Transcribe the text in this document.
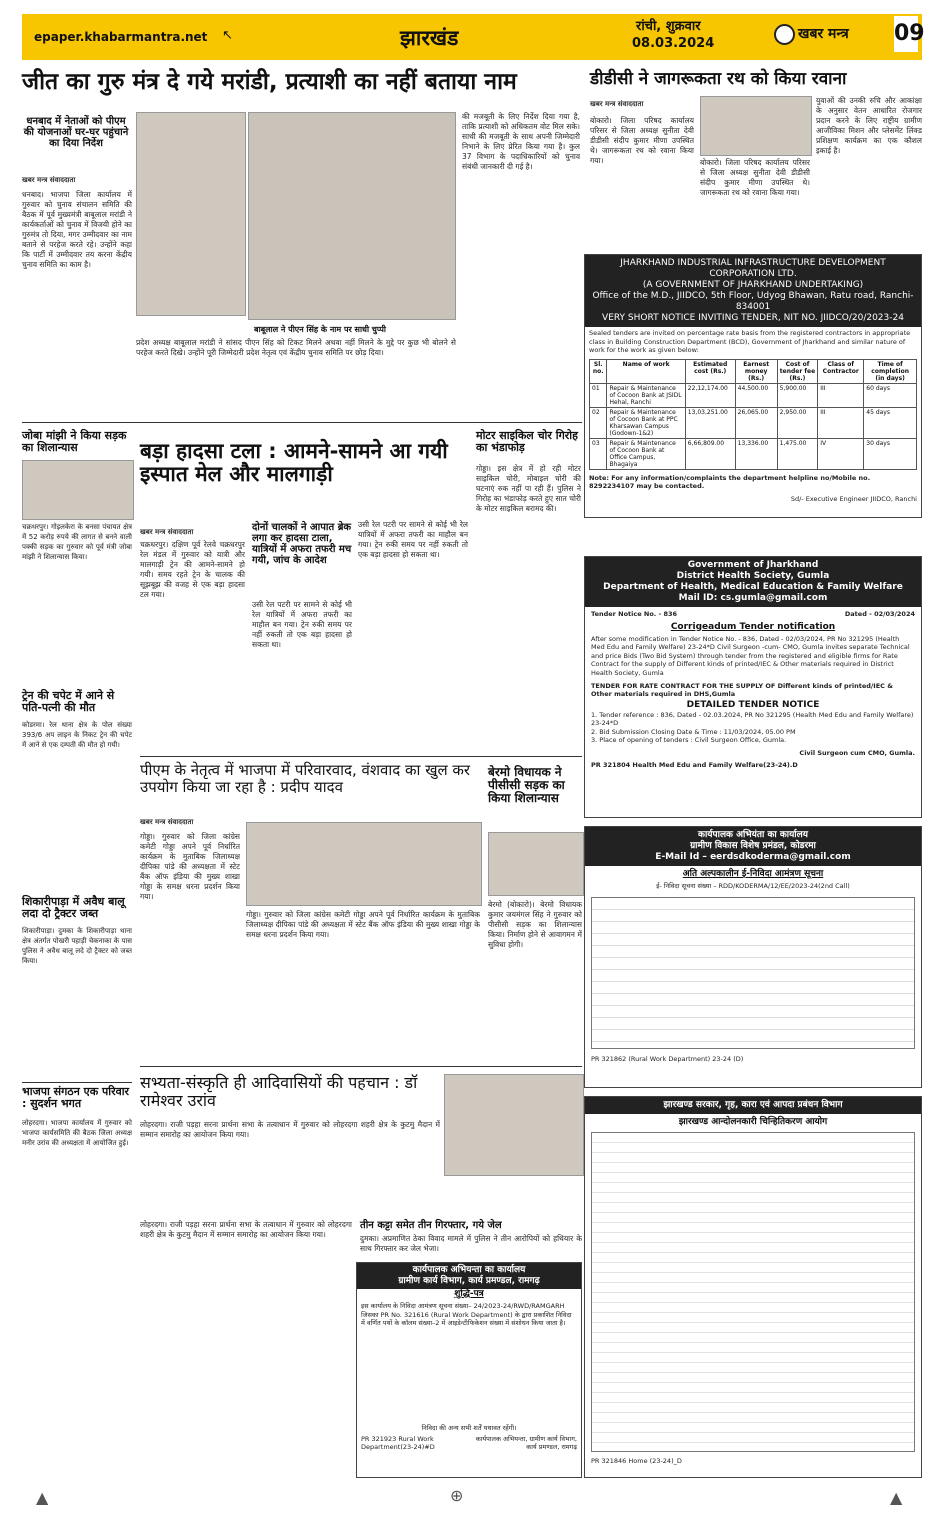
epaper.khabarmantra.net ↖	झारखंड	रांची, शुक्रवार
08.03.2024
खबर मन्त्र 09
जीत का गुरु मंत्र दे गये मरांडी, प्रत्याशी का नहीं बताया नाम
धनबाद में नेताओं को पीएम की योजनाओं घर-घर पहुंचाने का दिया निर्देश
खबर मन्त्र संवाददाता
धनबाद। भाजपा जिला कार्यालय में गुरुवार को चुनाव संचालन समिति की बैठक में पूर्व मुख्यमंत्री बाबूलाल मरांडी ने कार्यकर्ताओं को चुनाव में विजयी होने का गुरुमंत्र तो दिया, मगर उम्मीदवार का नाम बताने से परहेज करते रहे। उन्होंने कहा कि पार्टी में उम्मीदवार तय करना केंद्रीय चुनाव समिति का काम है।
की मजबूती के लिए निर्देश दिया गया है, ताकि प्रत्याशी को अधिकतम वोट मिल सके। साथी की मजबूती के साथ अपनी जिम्मेदारी निभाने के लिए प्रेरित किया गया है। कुल 37 विभाग के पदाधिकारियों को चुनाव संबंधी जानकारी दी गई है।
बाबूलाल ने पीएन सिंह के नाम पर साधी चुप्पी
प्रदेश अध्यक्ष बाबूलाल मरांडी ने सांसद पीएन सिंह को टिकट मिलने अथवा नहीं मिलने के मुद्दे पर कुछ भी बोलने से परहेज करते दिखे। उन्होंने पूरी जिम्मेदारी प्रदेश नेतृत्व एवं केंद्रीय चुनाव समिति पर छोड़ दिया।
जोबा मांझी ने किया सड़क का शिलान्यास
चक्रधरपुर। गोइलकेरा के बनसा पंचायत क्षेत्र में 52 करोड़ रुपये की लागत से बनने वाली पक्की सड़क का गुरुवार को पूर्व मंत्री जोबा मांझी ने शिलान्यास किया।
ट्रेन की चपेट में आने से पति-पत्नी की मौत
कोडरमा। रेल थाना क्षेत्र के पोल संख्या 393/6 अप लाइन के निकट ट्रेन की चपेट में आने से एक दम्पती की मौत हो गयी।
शिकारीपाड़ा में अवैध बालू लदा दो ट्रैक्टर जब्त
शिकारीपाड़ा। दुमका के शिकारीपाड़ा थाना क्षेत्र अंतर्गत पोखरी पहाड़ी चेकनाका के पास पुलिस ने अवैध बालू लदे दो ट्रैक्टर को जब्त किया।
भाजपा संगठन एक परिवार : सुदर्शन भगत
लोहरदगा। भाजपा कार्यालय में गुरुवार को भाजपा कार्यसमिति की बैठक जिला अध्यक्ष मनीर उरांव की अध्यक्षता में आयोजित हुई।
बड़ा हादसा टला : आमने-सामने आ गयी इस्पात मेल और मालगाड़ी
खबर मन्त्र संवाददाता
चक्रधरपुर। दक्षिण पूर्व रेलवे चक्रधरपुर रेल मंडल में गुरुवार को यात्री और मालगाड़ी ट्रेन की आमने-सामने हो गयी। समय रहते ट्रेन के चालक की सूझबूझ की वजह से एक बड़ा हादसा टल गया।
दोनों चालकों ने आपात ब्रेक लगा कर हादसा टाला, यात्रियों में अफरा तफरी मच गयी, जांच के आदेश
उसी रेल पटरी पर सामने से कोई भी रेल यात्रियों में अफरा तफरी का माहौल बन गया। ट्रेन रुकी समय पर नहीं रुकती तो एक बड़ा हादसा हो सकता था।
उसी रेल पटरी पर सामने से कोई भी रेल यात्रियों में अफरा तफरी का माहौल बन गया। ट्रेन रुकी समय पर नहीं रुकती तो एक बड़ा हादसा हो सकता था।
मोटर साइकिल चोर गिरोह का भंडाफोड़
गोड्डा। इस क्षेत्र में हो रही मोटर साइकिल चोरी, मोबाइल चोरी की घटनाएं रुक नहीं पा रही हैं। पुलिस ने गिरोह का भंडाफोड़ करते हुए सात चोरी के मोटर साइकिल बरामद की।
पीएम के नेतृत्व में भाजपा में परिवारवाद, वंशवाद का खुल कर उपयोग किया जा रहा है : प्रदीप यादव
खबर मन्त्र संवाददाता
गोड्डा। गुरुवार को जिला कांग्रेस कमेटी गोड्डा अपने पूर्व निर्धारित कार्यक्रम के मुताबिक जिलाध्यक्ष दीपिका पांडे की अध्यक्षता में स्टेट बैंक ऑफ इंडिया की मुख्य शाखा गोड्डा के समक्ष धरना प्रदर्शन किया गया।
गोड्डा। गुरुवार को जिला कांग्रेस कमेटी गोड्डा अपने पूर्व निर्धारित कार्यक्रम के मुताबिक जिलाध्यक्ष दीपिका पांडे की अध्यक्षता में स्टेट बैंक ऑफ इंडिया की मुख्य शाखा गोड्डा के समक्ष धरना प्रदर्शन किया गया।
बेरमो विधायक ने पीसीसी सड़क का किया शिलान्यास
बेरमो (बोकारो)। बेरमो विधायक कुमार जयमंगल सिंह ने गुरुवार को पीसीसी सड़क का शिलान्यास किया। निर्माण होने से आवागमन में सुविधा होगी।
सभ्यता-संस्कृति ही आदिवासियों की पहचान : डॉ रामेश्वर उरांव
लोहरदगा। राजी पड़हा सरना प्रार्थना सभा के तत्वाधान में गुरुवार को लोहरदगा शहरी क्षेत्र के कुटमु मैदान में सम्मान समारोह का आयोजन किया गया।
तीन कट्टा समेत तीन गिरफ्तार, गये जेल
दुमका। अप्रमाणित ठेका विवाद मामले में पुलिस ने तीन आरोपियों को हथियार के साथ गिरफ्तार कर जेल भेजा।
लोहरदगा। राजी पड़हा सरना प्रार्थना सभा के तत्वाधान में गुरुवार को लोहरदगा शहरी क्षेत्र के कुटमु मैदान में सम्मान समारोह का आयोजन किया गया।
कार्यपालक अभियन्ता का कार्यालय
ग्रामीण कार्य विभाग, कार्य प्रमण्डल, रामगढ़
शुद्धि-पत्र
इस कार्यालय के निविदा आमंत्रण सूचना संख्या– 24/2023-24/RWD/RAMGARH जिसका PR No. 321616 (Rural Work Department) के द्वारा प्रकाशित निविदा में वर्णित पथों के कॉलम संख्या–2 में आइडेन्टीफिकेशन संख्या में संशोधन किया जाता है।
निविदा की अन्य सभी शर्तें यथावत रहेंगी।
PR 321923 Rural Work Department(23-24)#D
कार्यपालक अभियन्ता, ग्रामीण कार्य विभाग, कार्य प्रमण्डल, रामगढ़
डीडीसी ने जागरूकता रथ को किया रवाना
खबर मन्त्र संवाददाता
बोकारो। जिला परिषद कार्यालय परिसर से जिला अध्यक्ष सुनीता देवी डीडीसी संदीप कुमार मीणा उपस्थित थे। जागरूकता रथ को रवाना किया गया।	बोकारो। जिला परिषद कार्यालय परिसर से जिला अध्यक्ष सुनीता देवी डीडीसी संदीप कुमार मीणा उपस्थित थे। जागरूकता रथ को रवाना किया गया।
युवाओं की उनकी रुचि और आकांक्षा के अनुसार वेतन आधारित रोजगार प्रदान करने के लिए राष्ट्रीय ग्रामीण आजीविका मिशन और प्लेसमेंट लिंक्ड प्रशिक्षण कार्यक्रम का एक कौशल इकाई है।
JHARKHAND INDUSTRIAL INFRASTRUCTURE DEVELOPMENT CORPORATION LTD.
(A GOVERNMENT OF JHARKHAND UNDERTAKING)
Office of the M.D., JIIDCO, 5th Floor, Udyog Bhawan, Ratu road, Ranchi-834001
VERY SHORT NOTICE INVITING TENDER, NIT NO. JIIDCO/20/2023-24
Sealed tenders are invited on percentage rate basis from the registered contractors in appropriate class in Building Construction Department (BCD), Government of Jharkhand and similar nature of work for the work as given below:
Sl. no.	Name of work	Estimated cost (Rs.)	Earnest money (Rs.)	Cost of tender fee (Rs.)	Class of Contractor	Time of completion (in days)
01	Repair & Maintenance of Cocoon Bank at JSIDL Hehal, Ranchi	22,12,174.00	44,500.00	5,900.00	III	60 days
02	Repair & Maintenance of Cocoon Bank at PPC Kharsawan Campus (Godown-1&2)	13,03,251.00	26,065.00	2,950.00	III	45 days
03	Repair & Maintenance of Cocoon Bank at Office Campus, Bhagaiya	6,66,809.00	13,336.00	1,475.00	IV	30 days
Note: For any information/complaints the department helpline no/Mobile no. 8292234107 may be contacted.
Sd/- Executive Engineer JIIDCO, Ranchi
Government of Jharkhand
District Health Society, Gumla
Department of Health, Medical Education & Family Welfare
Mail ID: cs.gumla@gmail.com
Tender Notice No. - 836	Dated - 02/03/2024
Corrigeadum Tender notification
After some modification in Tender Notice No. - 836, Dated - 02/03/2024, PR No 321295 (Health Med Edu and Family Welfare) 23-24*D Civil Surgeon -cum- CMO, Gumla invites separate Technical and price Bids (Two Bid System) through tender from the registered and eligible firms for Rate Contract for the supply of Different kinds of printed/IEC & Other materials required in District Health Society, Gumla
TENDER FOR RATE CONTRACT FOR THE SUPPLY OF Different kinds of printed/IEC & Other materials required in DHS,Gumla
DETAILED TENDER NOTICE
1. Tender reference : 836, Dated - 02.03.2024, PR No 321295 (Health Med Edu and Family Welfare) 23-24*D
2. Bid Submission Closing Date & Time : 11/03/2024, 05.00 PM
3. Place of opening of tenders : Civil Surgeon Office, Gumla.
Civil Surgeon cum CMO, Gumla.
PR 321804 Health Med Edu and Family Welfare(23-24).D
कार्यपालक अभियंता का कार्यालय
ग्रामीण विकास विशेष प्रमंडल, कोडरमा
E-Mail Id – eerdsdkoderma@gmail.com
अति अल्पकालीन ई-निविदा आमंत्रण सूचना
ई- निविदा सूचना संख्या – RDD/KODERMA/12/EE/2023-24(2nd Call)
PR 321862 (Rural Work Department) 23-24 (D)
झारखण्ड सरकार, गृह, कारा एवं आपदा प्रबंधन विभाग
झारखण्ड आन्दोलनकारी चिन्हितिकरण आयोग
PR 321846 Home (23-24)_D
▲	⊕	▲
